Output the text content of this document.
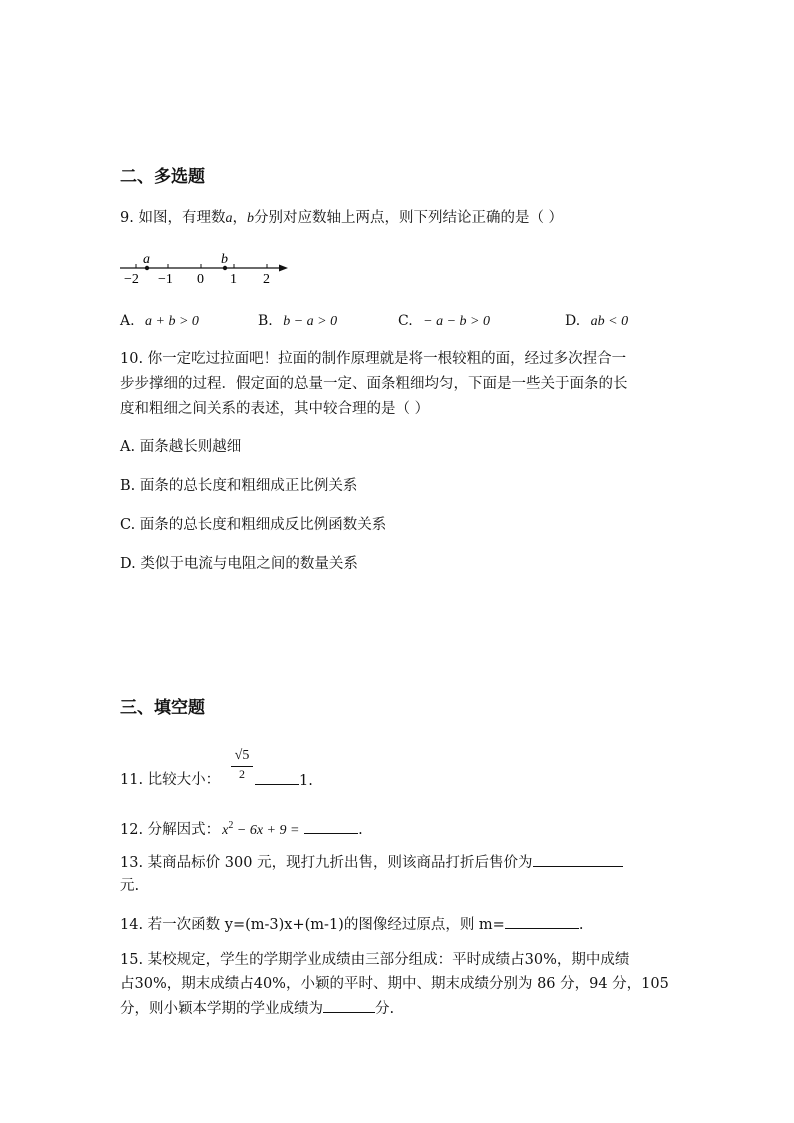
二、多选题
9. 如图，有理数a，b分别对应数轴上两点，则下列结论正确的是（ ）
a	b
−2 −1 0 1 2
A. a + b > 0	B. b − a > 0	C. − a − b > 0	D. ab < 0
10. 你一定吃过拉面吧！拉面的制作原理就是将一根较粗的面，经过多次捏合一
步步撑细的过程．假定面的总量一定、面条粗细均匀，下面是一些关于面条的长
度和粗细之间关系的表述，其中较合理的是（ ）
A. 面条越长则越细
B. 面条的总长度和粗细成正比例关系
C. 面条的总长度和粗细成反比例函数关系
D. 类似于电流与电阻之间的数量关系
三、填空题
11. 比较大小： $\frac{√5}{2}$	1.
12. 分解因式： $x^2 - 6x + 9$ =	.
13. 某商品标价 300 元，现打九折出售，则该商品打折后售价为
元.
14. 若一次函数 y=(m-3)x+(m-1)的图像经过原点，则 m=	.
15. 某校规定，学生的学期学业成绩由三部分组成：平时成绩占30%，期中成绩
占30%，期末成绩占40%，小颖的平时、期中、期末成绩分别为 86 分，94 分，105
分，则小颖本学期的学业成绩为	分.
